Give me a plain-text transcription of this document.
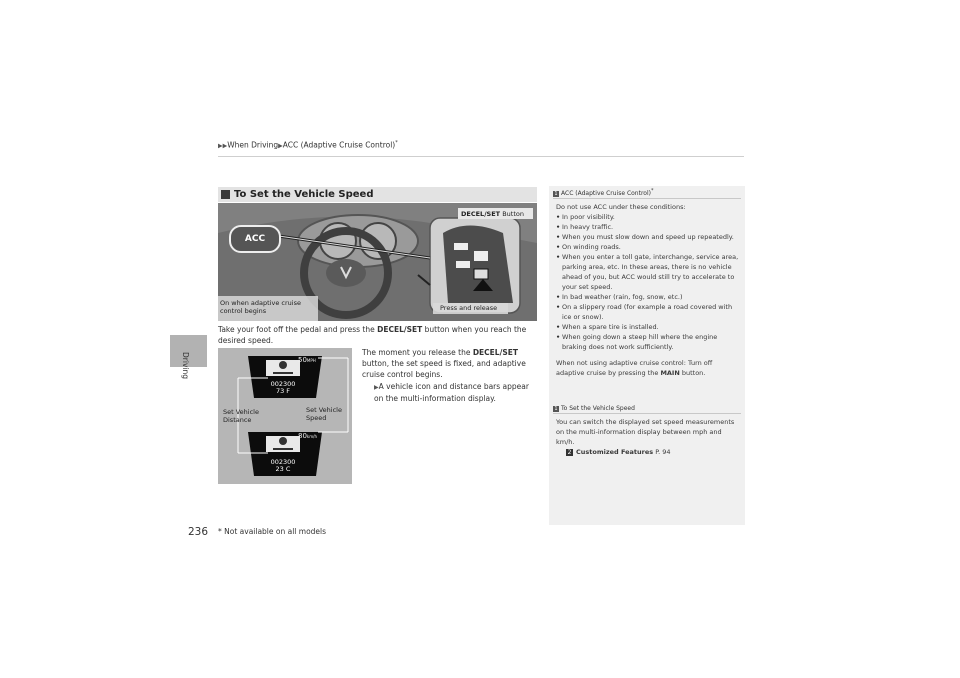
▶▶When Driving▶ACC (Adaptive Cruise Control)*
Driving
To Set the Vehicle Speed
ACC
DECEL/SET Button
On when adaptive cruise control begins	Press and release
Take your foot off the pedal and press the DECEL/SET button when you reach the desired speed.
50MPH
002300
73 F
80km/h
002300
23 C
Set Vehicle Distance
Set Vehicle Speed
The moment you release the DECEL/SET button, the set speed is fixed, and adaptive cruise control begins.
▶A vehicle icon and distance bars appear on the multi-information display.
1 ACC (Adaptive Cruise Control)*
Do not use ACC under these conditions:
• In poor visibility.
• In heavy traffic.
• When you must slow down and speed up repeatedly.
• On winding roads.
• When you enter a toll gate, interchange, service area, parking area, etc. In these areas, there is no vehicle ahead of you, but ACC would still try to accelerate to your set speed.
• In bad weather (rain, fog, snow, etc.)
• On a slippery road (for example a road covered with ice or snow).
• When a spare tire is installed.
• When going down a steep hill where the engine braking does not work sufficiently.
When not using adaptive cruise control: Turn off adaptive cruise by pressing the MAIN button.
1 To Set the Vehicle Speed
You can switch the displayed set speed measurements on the multi-information display between mph and km/h.
2 Customized Features P. 94
236 * Not available on all models
